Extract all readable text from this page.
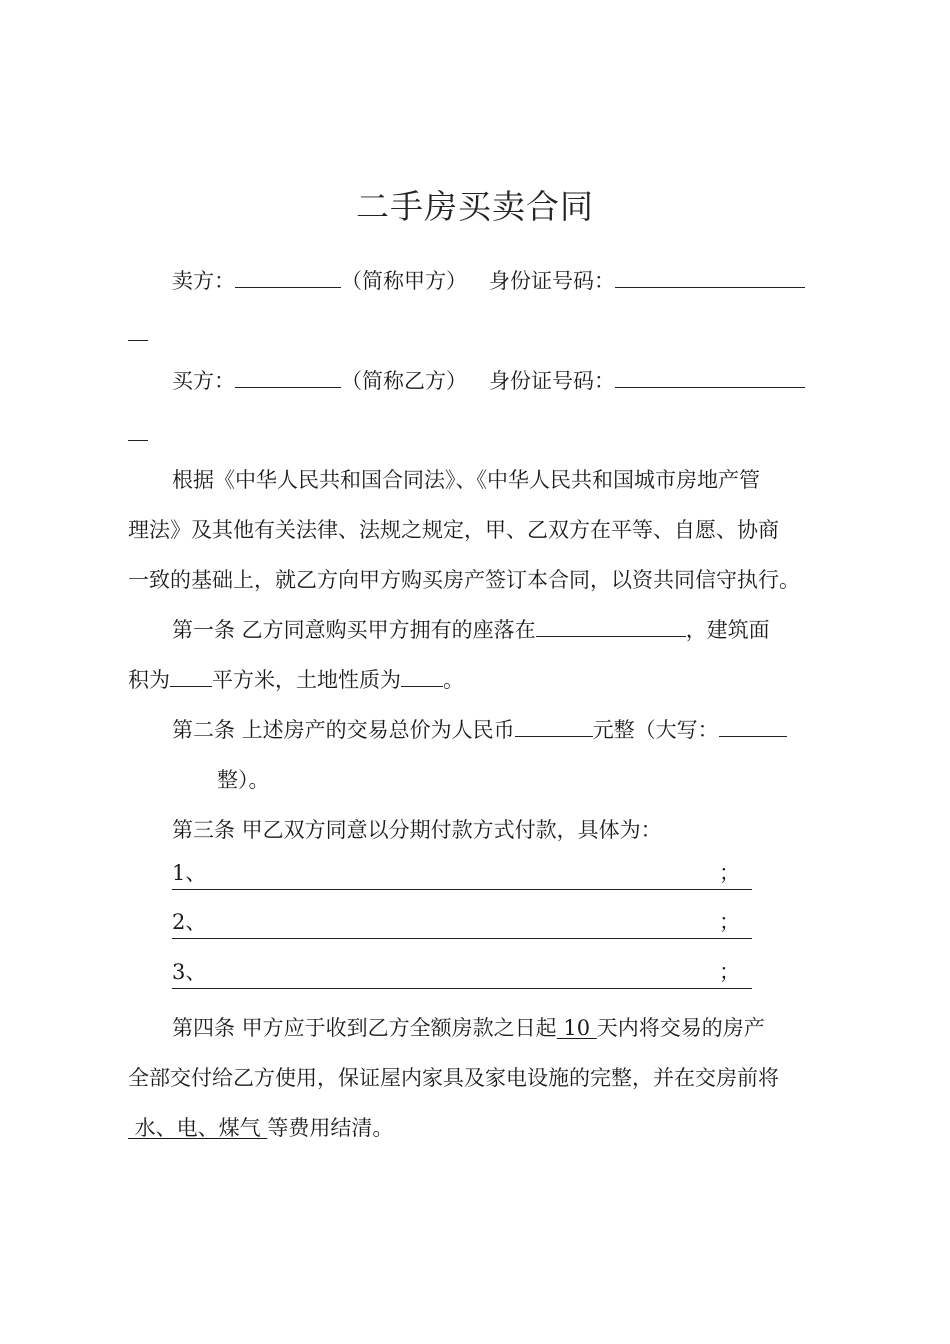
二手房买卖合同
卖方：	（简称甲方） 身份证号码：
买方：	（简称乙方） 身份证号码：
根据《中华人民共和国合同法》、《中华人民共和国城市房地产管
理法》及其他有关法律、法规之规定，甲、乙双方在平等、自愿、协商
一致的基础上，就乙方向甲方购买房产签订本合同，以资共同信守执行。
第一条 乙方同意购买甲方拥有的座落在	，建筑面
积为 平方米，土地性质为 。
第二条 上述房产的交易总价为人民币	元整（大写：
整）。
第三条 甲乙双方同意以分期付款方式付款，具体为：
1、	；
2、	；
3、	；
第四条 甲方应于收到乙方全额房款之日起 10 天内将交易的房产
全部交付给乙方使用，保证屋内家具及家电设施的完整，并在交房前将
水、电、煤气 等费用结清。
